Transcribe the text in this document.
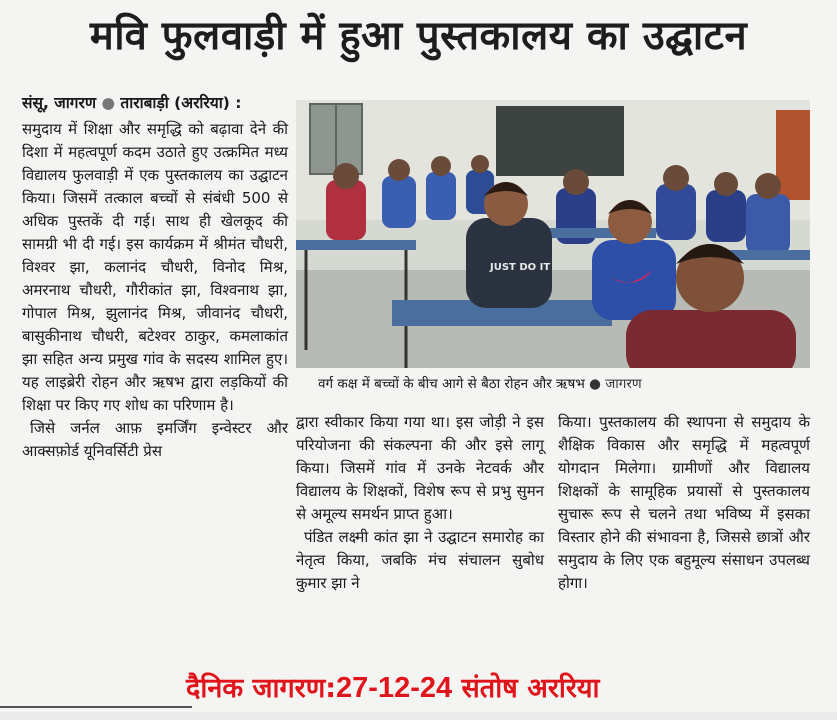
मवि फुलवाड़ी में हुआ पुस्तकालय का उद्घाटन
संसू, जागरण ● ताराबाड़ी (अररिया) :

समुदाय में शिक्षा और समृद्धि को बढ़ावा देने की दिशा में महत्वपूर्ण कदम उठाते हुए उत्क्रमित मध्य विद्यालय फुलवाड़ी में एक पुस्तकालय का उद्घाटन किया। जिसमें तत्काल बच्चों से संबंधी 500 से अधिक पुस्तकें दी गई। साथ ही खेलकूद की सामग्री भी दी गई। इस कार्यक्रम में श्रीमंत चौधरी, विश्वर झा, कलानंद चौधरी, विनोद मिश्र, अमरनाथ चौधरी, गौरीकांत झा, विश्वनाथ झा, गोपाल मिश्र, झुलानंद मिश्र, जीवानंद चौधरी, बासुकीनाथ चौधरी, बटेश्वर ठाकुर, कमलाकांत झा सहित अन्य प्रमुख गांव के सदस्य शामिल हुए। यह लाइब्रेरी रोहन और ऋषभ द्वारा लड़कियों की शिक्षा पर किए गए शोध का परिणाम है।

जिसे जर्नल आफ़ इमर्जिंग इन्वेस्टर और आक्सफ़ोर्ड यूनिवर्सिटी प्रेस

JUST DO IT
वर्ग कक्ष में बच्चों के बीच आगे से बैठा रोहन और ऋषभ ● जागरण

द्वारा स्वीकार किया गया था। इस जोड़ी ने इस परियोजना की संकल्पना की और इसे लागू किया। जिसमें गांव में उनके नेटवर्क और विद्यालय के शिक्षकों, विशेष रूप से प्रभु सुमन से अमूल्य समर्थन प्राप्त हुआ।

पंडित लक्ष्मी कांत झा ने उद्घाटन समारोह का नेतृत्व किया, जबकि मंच संचालन सुबोध कुमार झा ने

किया। पुस्तकालय की स्थापना से समुदाय के शैक्षिक विकास और समृद्धि में महत्वपूर्ण योगदान मिलेगा। ग्रामीणों और विद्यालय शिक्षकों के सामूहिक प्रयासों से पुस्तकालय सुचारू रूप से चलने तथा भविष्य में इसका विस्तार होने की संभावना है, जिससे छात्रों और समुदाय के लिए एक बहुमूल्य संसाधन उपलब्ध होगा।

दैनिक जागरण:27-12-24 संतोष अररिया
